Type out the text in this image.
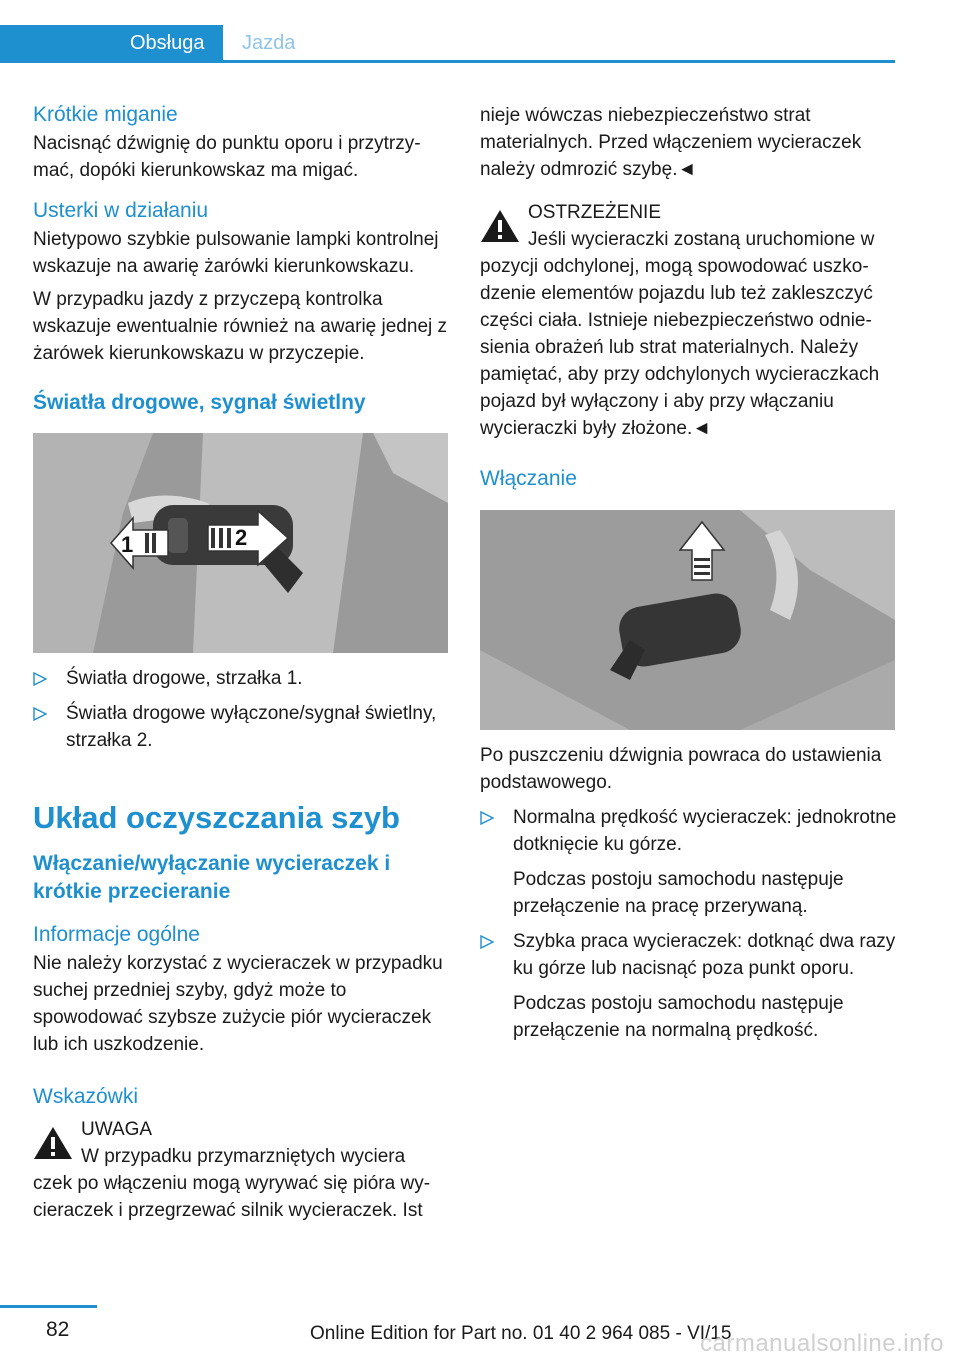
Obsługa	Jazda
Krótkie miganie

Nacisnąć dźwignię do punktu oporu i przytrzymać, dopóki kierunkowskaz ma migać.

Usterki w działaniu

Nietypowo szybkie pulsowanie lampki kontrolnej wskazuje na awarię żarówki kierunkowskazu.

W przypadku jazdy z przyczepą kontrolka wskazuje ewentualnie również na awarię jednej z żarówek kierunkowskazu w przyczepie.

Światła drogowe, sygnał świetlny
1	2
Światła drogowe, strzałka 1.
Światła drogowe wyłączone/sygnał świetlny, strzałka 2.
Układ oczyszczania szyb
Włączanie/wyłączanie wycieraczek i krótkie przecieranie
Informacje ogólne

Nie należy korzystać z wycieraczek w przypadku suchej przedniej szyby, gdyż może to spowodować szybsze zużycie piór wycieraczek lub ich uszkodzenie.

Wskazówki
UWAGA
W przypadku przymarzniętych wyciera
czek po włączeniu mogą wyrywać się pióra wycieraczek i przegrzewać silnik wycieraczek. Ist

nieje wówczas niebezpieczeństwo strat materialnych. Przed włączeniem wycieraczek należy odmrozić szybę.◄

OSTRZEŻENIE
Jeśli wycieraczki zostaną uruchomione w
pozycji odchylonej, mogą spowodować uszkodzenie elementów pojazdu lub też zakleszczyć części ciała. Istnieje niebezpieczeństwo odniesienia obrażeń lub strat materialnych. Należy pamiętać, aby przy odchylonych wycieraczkach pojazd był wyłączony i aby przy włączaniu wycieraczki były złożone.◄
Włączanie

Po puszczeniu dźwignia powraca do ustawienia podstawowego.

Normalna prędkość wycieraczek: jednokrotne dotknięcie ku górze.
Podczas postoju samochodu następuje przełączenie na pracę przerywaną.
Szybka praca wycieraczek: dotknąć dwa razy ku górze lub nacisnąć poza punkt oporu.
Podczas postoju samochodu następuje przełączenie na normalną prędkość.
82	Online Edition for Part no. 01 40 2 964 085 - VI/15
carmanualsonline.info
